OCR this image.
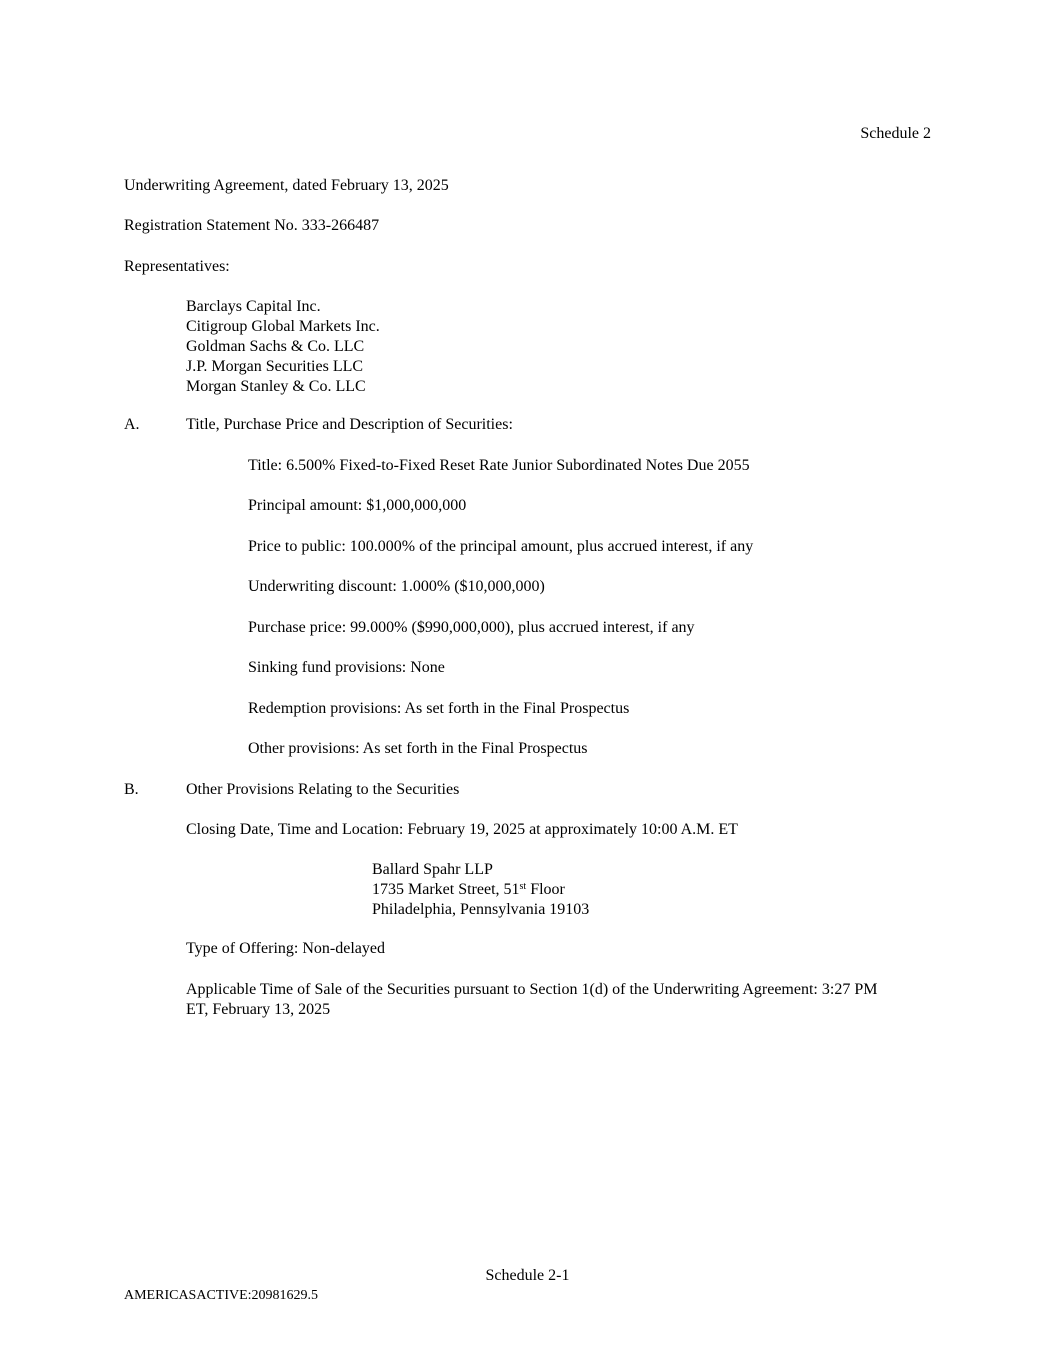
Schedule 2
Underwriting Agreement, dated February 13, 2025
Registration Statement No. 333-266487
Representatives:
Barclays Capital Inc.
Citigroup Global Markets Inc.
Goldman Sachs & Co. LLC
J.P. Morgan Securities LLC
Morgan Stanley & Co. LLC
A.	Title, Purchase Price and Description of Securities:
Title: 6.500% Fixed-to-Fixed Reset Rate Junior Subordinated Notes Due 2055
Principal amount: $1,000,000,000
Price to public: 100.000% of the principal amount, plus accrued interest, if any
Underwriting discount: 1.000% ($10,000,000)
Purchase price: 99.000% ($990,000,000), plus accrued interest, if any
Sinking fund provisions: None
Redemption provisions: As set forth in the Final Prospectus
Other provisions: As set forth in the Final Prospectus
B.	Other Provisions Relating to the Securities
Closing Date, Time and Location: February 19, 2025 at approximately 10:00 A.M. ET
Ballard Spahr LLP
1735 Market Street, 51st Floor
Philadelphia, Pennsylvania 19103
Type of Offering: Non-delayed
Applicable Time of Sale of the Securities pursuant to Section 1(d) of the Underwriting Agreement: 3:27 PM
ET, February 13, 2025
Schedule 2-1
AMERICASACTIVE:20981629.5
